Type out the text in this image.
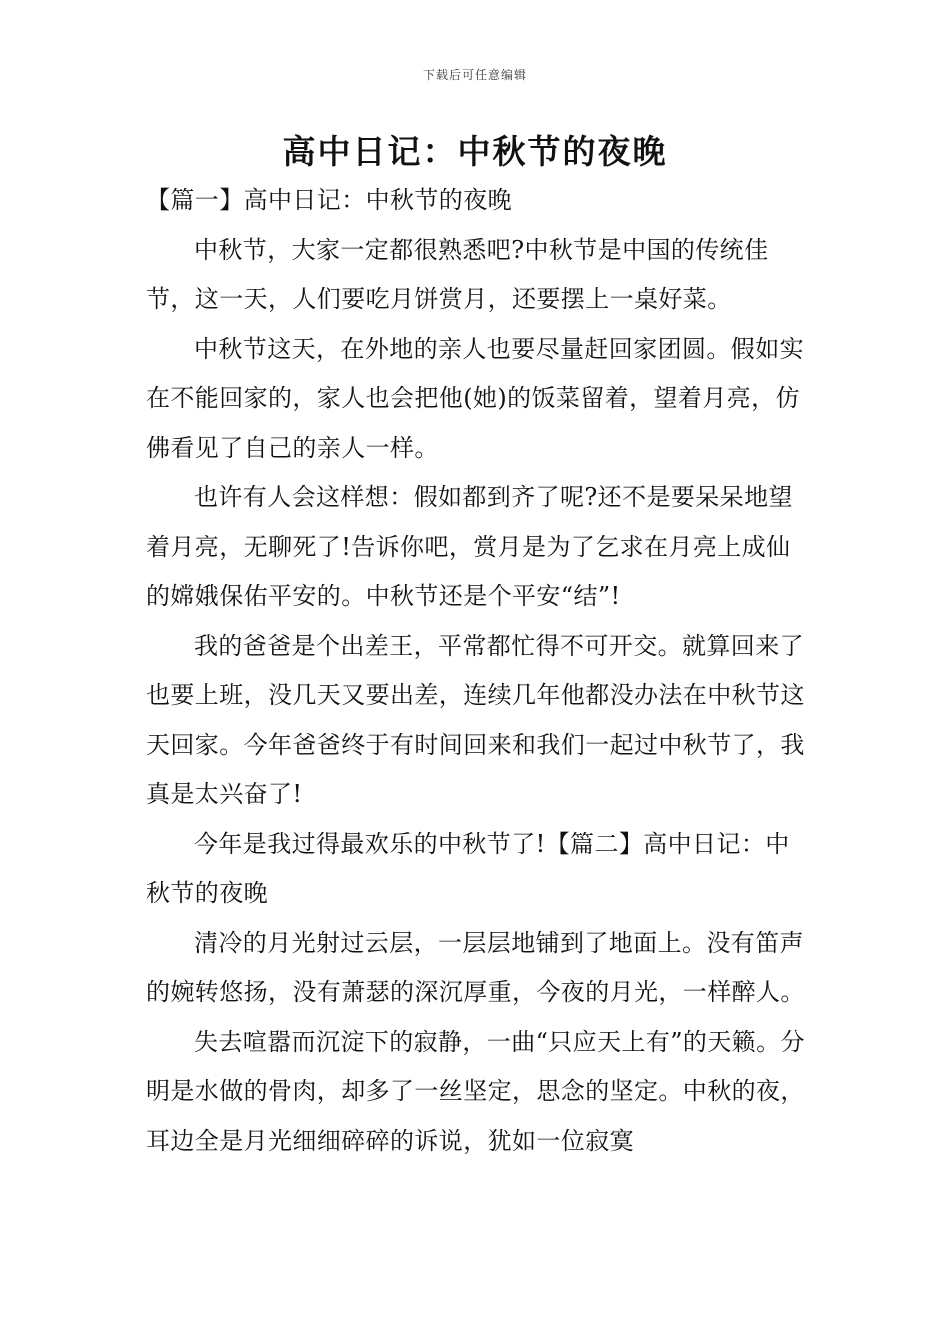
下载后可任意编辑
高中日记：中秋节的夜晚

【篇一】高中日记：中秋节的夜晚

中秋节，大家一定都很熟悉吧?中秋节是中国的传统佳节，这一天，人们要吃月饼赏月，还要摆上一桌好菜。

中秋节这天，在外地的亲人也要尽量赶回家团圆。假如实在不能回家的，家人也会把他(她)的饭菜留着，望着月亮，仿佛看见了自己的亲人一样。

也许有人会这样想：假如都到齐了呢?还不是要呆呆地望着月亮，无聊死了!告诉你吧，赏月是为了乞求在月亮上成仙的嫦娥保佑平安的。中秋节还是个平安“结”!

我的爸爸是个出差王，平常都忙得不可开交。就算回来了也要上班，没几天又要出差，连续几年他都没办法在中秋节这天回家。今年爸爸终于有时间回来和我们一起过中秋节了，我真是太兴奋了!

今年是我过得最欢乐的中秋节了!【篇二】高中日记：中秋节的夜晚

清冷的月光射过云层，一层层地铺到了地面上。没有笛声的婉转悠扬，没有萧瑟的深沉厚重，今夜的月光，一样醉人。

失去喧嚣而沉淀下的寂静，一曲“只应天上有”的天籁。分明是水做的骨肉，却多了一丝坚定，思念的坚定。中秋的夜，耳边全是月光细细碎碎的诉说，犹如一位寂寞
